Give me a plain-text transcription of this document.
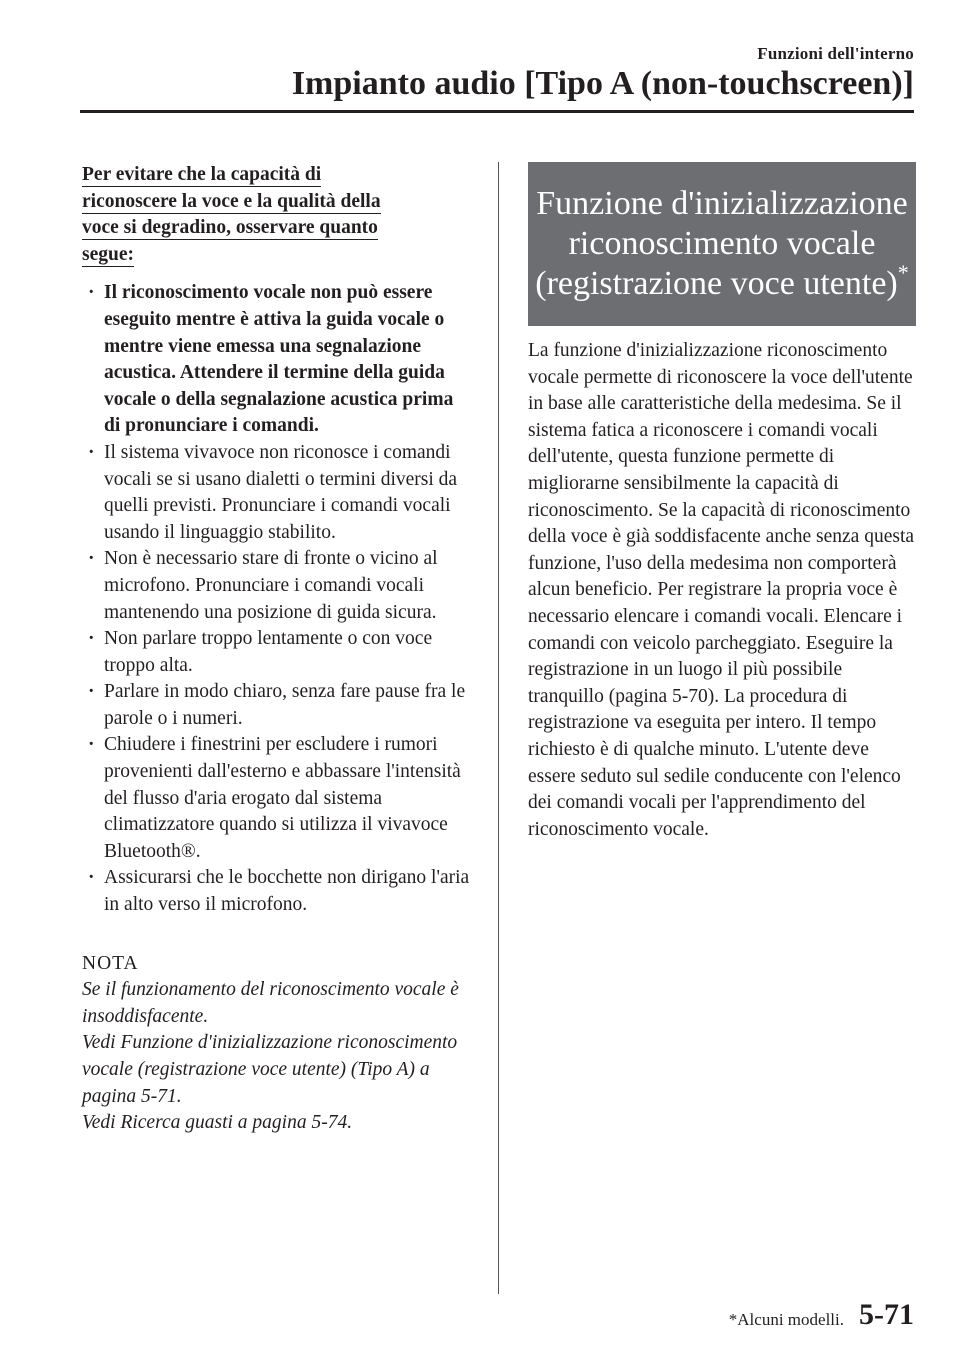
Funzioni dell'interno
Impianto audio [Tipo A (non-touchscreen)]

Per evitare che la capacità di
riconoscere la voce e la qualità della
voce si degradino, osservare quanto
segue:

· Il riconoscimento vocale non può essere eseguito mentre è attiva la guida vocale o mentre viene emessa una segnalazione acustica. Attendere il termine della guida vocale o della segnalazione acustica prima di pronunciare i comandi.
· Il sistema vivavoce non riconosce i comandi vocali se si usano dialetti o termini diversi da quelli previsti. Pronunciare i comandi vocali usando il linguaggio stabilito.
· Non è necessario stare di fronte o vicino al microfono. Pronunciare i comandi vocali mantenendo una posizione di guida sicura.
· Non parlare troppo lentamente o con voce troppo alta.
· Parlare in modo chiaro, senza fare pause fra le parole o i numeri.
· Chiudere i finestrini per escludere i rumori provenienti dall'esterno e abbassare l'intensità del flusso d'aria erogato dal sistema climatizzatore quando si utilizza il vivavoce Bluetooth®.
· Assicurarsi che le bocchette non dirigano l'aria in alto verso il microfono.
NOTA
Se il funzionamento del riconoscimento vocale è insoddisfacente.
Vedi Funzione d'inizializzazione riconoscimento vocale (registrazione voce utente) (Tipo A) a pagina 5-71.
Vedi Ricerca guasti a pagina 5-74.
Funzione d'inizializzazione riconoscimento vocale (registrazione voce utente)*

La funzione d'inizializzazione riconoscimento vocale permette di riconoscere la voce dell'utente in base alle caratteristiche della medesima. Se il sistema fatica a riconoscere i comandi vocali dell'utente, questa funzione permette di migliorarne sensibilmente la capacità di riconoscimento. Se la capacità di riconoscimento della voce è già soddisfacente anche senza questa funzione, l'uso della medesima non comporterà alcun beneficio. Per registrare la propria voce è necessario elencare i comandi vocali. Elencare i comandi con veicolo parcheggiato. Eseguire la registrazione in un luogo il più possibile tranquillo (pagina 5-70). La procedura di registrazione va eseguita per intero. Il tempo richiesto è di qualche minuto. L'utente deve essere seduto sul sedile conducente con l'elenco dei comandi vocali per l'apprendimento del riconoscimento vocale.

*Alcuni modelli. 5-71
